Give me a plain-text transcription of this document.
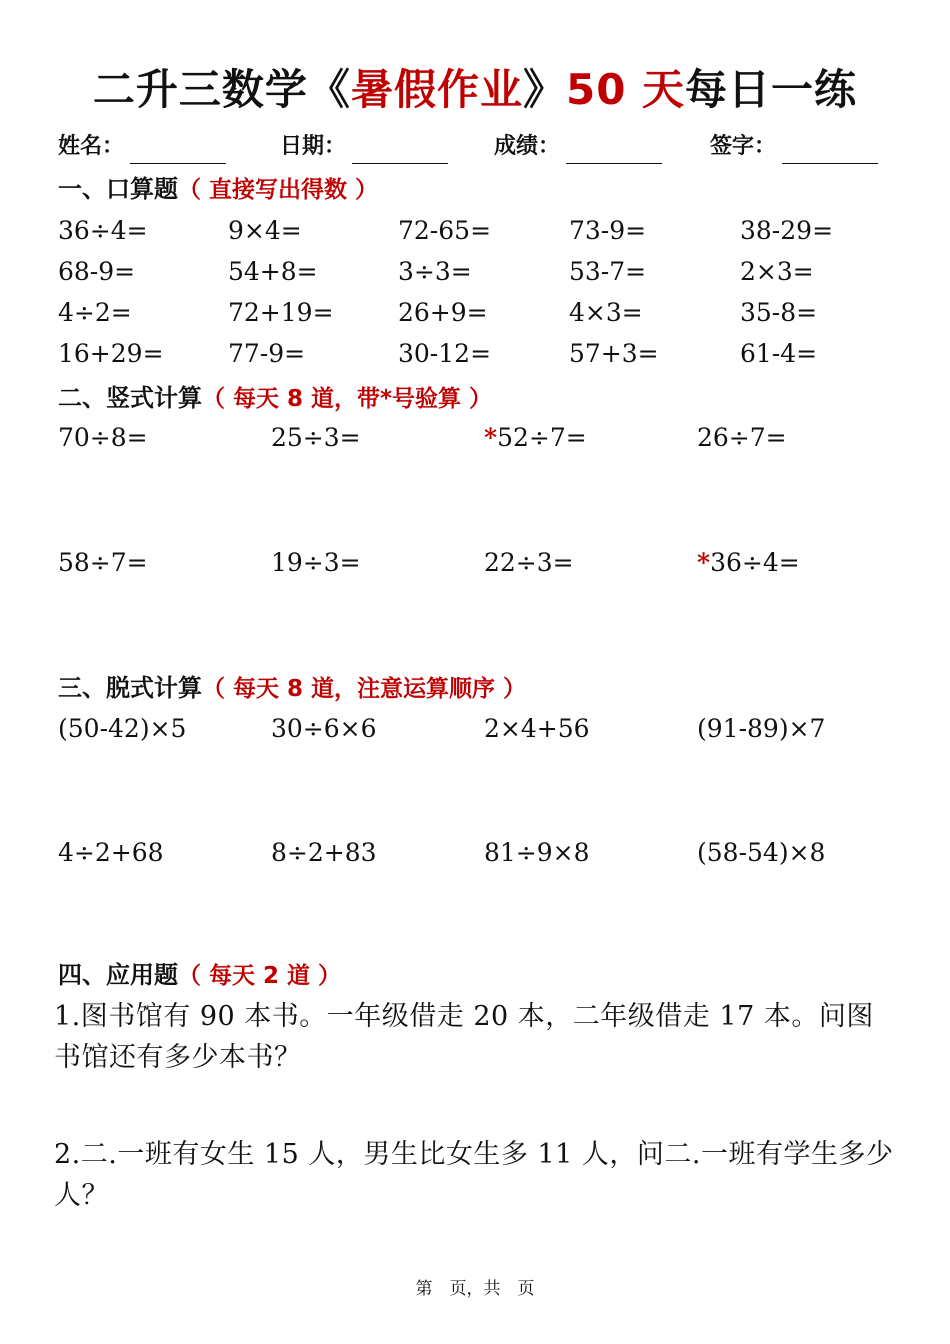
二升三数学《暑假作业》50 天每日一练
姓名：	日期：	成绩：	签字：
一、口算题（ 直接写出得数 ）
36÷4=	9×4=	72-65=	73-9=	38-29=
68-9=	54+8=	3÷3=	53-7=	2×3=
4÷2=	72+19=	26+9=	4×3=	35-8=
16+29=	77-9=	30-12=	57+3=	61-4=
二、竖式计算（ 每天 8 道，带*号验算 ）
70÷8=	25÷3=	*52÷7=	26÷7=
58÷7=	19÷3=	22÷3=	*36÷4=
三、脱式计算（ 每天 8 道，注意运算顺序 ）
(50-42)×5	30÷6×6	2×4+56	(91-89)×7
4÷2+68	8÷2+83	81÷9×8	(58-54)×8
四、应用题（ 每天 2 道 ）
1.图书馆有 90 本书。一年级借走 20 本，二年级借走 17 本。问图书馆还有多少本书？
2.二.一班有女生 15 人，男生比女生多 11 人，问二.一班有学生多少人？
第　页，共　页
